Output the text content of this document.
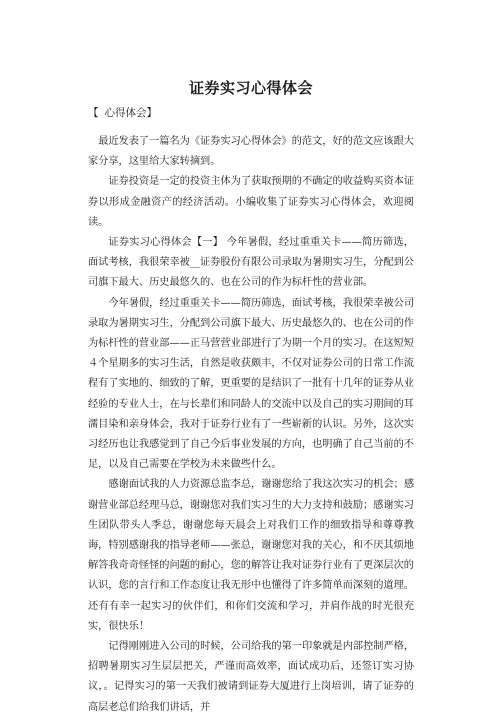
证券实习心得体会
【 心得体会】

最近发表了一篇名为《证券实习心得体会》的范文，好的范文应该跟大家分享，这里给大家转摘到。

证券投资是一定的投资主体为了获取预期的不确定的收益购买资本证券以形成金融资产的经济活动。小编收集了证券实习心得体会，欢迎阅读。

证券实习心得体会【一】 今年暑假，经过重重关卡——简历筛选，面试考核，我很荣幸被__证券股份有限公司录取为暑期实习生，分配到公司旗下最大、历史最悠久的、也在公司的作为标杆性的营业部。

今年暑假，经过重重关卡——简历筛选，面试考核，我很荣幸被公司录取为暑期实习生，分配到公司旗下最大、历史最悠久的、也在公司的作为标杆性的营业部——正马营营业部进行了为期一个月的实习。在这短短４个星期多的实习生活，自然是收获颇丰，不仅对证券公司的日常工作流程有了实地的、细致的了解，更重要的是结识了一批有十几年的证券从业经验的专业人士，在与长辈们和同龄人的交流中以及自己的实习期间的耳濡目染和亲身体会，我对于证券行业有了一些崭新的认识。另外，这次实习经历也让我感觉到了自己今后事业发展的方向，也明确了自己当前的不足，以及自己需要在学校为未来做些什么。

感谢面试我的人力资源总监李总，谢谢您给了我这次实习的机会；感谢营业部总经理马总，谢谢您对我们实习生的大力支持和鼓励；感谢实习生团队带头人季总，谢谢您每天晨会上对我们工作的细致指导和尊尊教诲，特别感谢我的指导老师——张总，谢谢您对我的关心，和不厌其烦地解答我奇奇怪怪的问题的耐心，您的解答让我对证券行业有了更深层次的认识，您的言行和工作态度让我无形中也懂得了许多简单而深刻的道理。还有有幸一起实习的伙伴们，和你们交流和学习，并肩作战的时光很充实，很快乐！

记得刚刚进入公司的时候，公司给我的第一印象就是内部控制严格，招聘暑期实习生层层把关，严谨而高效率，面试成功后，还签订实习协议，。记得实习的第一天我们被请到证券大厦进行上岗培训，请了证券的高层老总们给我们讲话，并
